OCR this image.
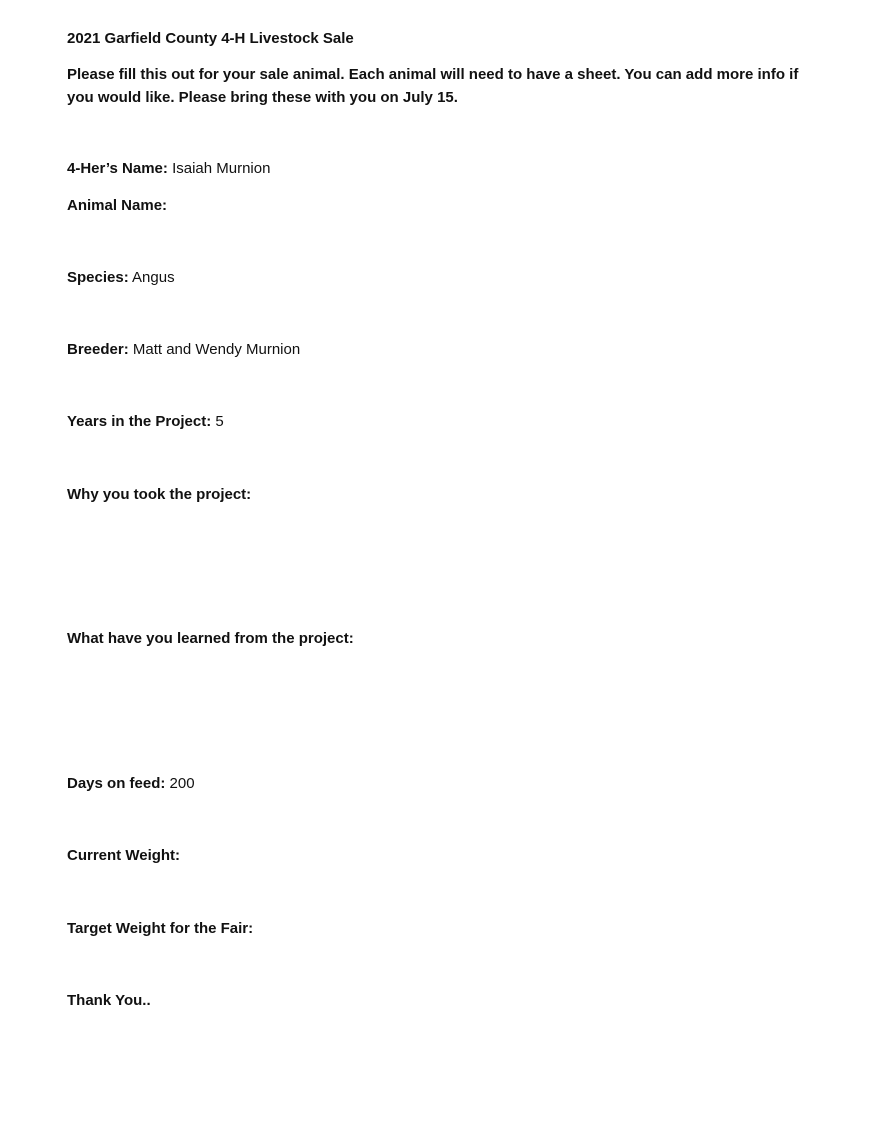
2021 Garfield County 4-H Livestock Sale
Please fill this out for your sale animal. Each animal will need to have a sheet. You can add more info if you would like. Please bring these with you on July 15.
4-Her’s Name: Isaiah Murnion
Animal Name:
Species: Angus
Breeder: Matt and Wendy Murnion
Years in the Project: 5
Why you took the project:
What have you learned from the project:
Days on feed: 200
Current Weight:
Target Weight for the Fair:
Thank You..
